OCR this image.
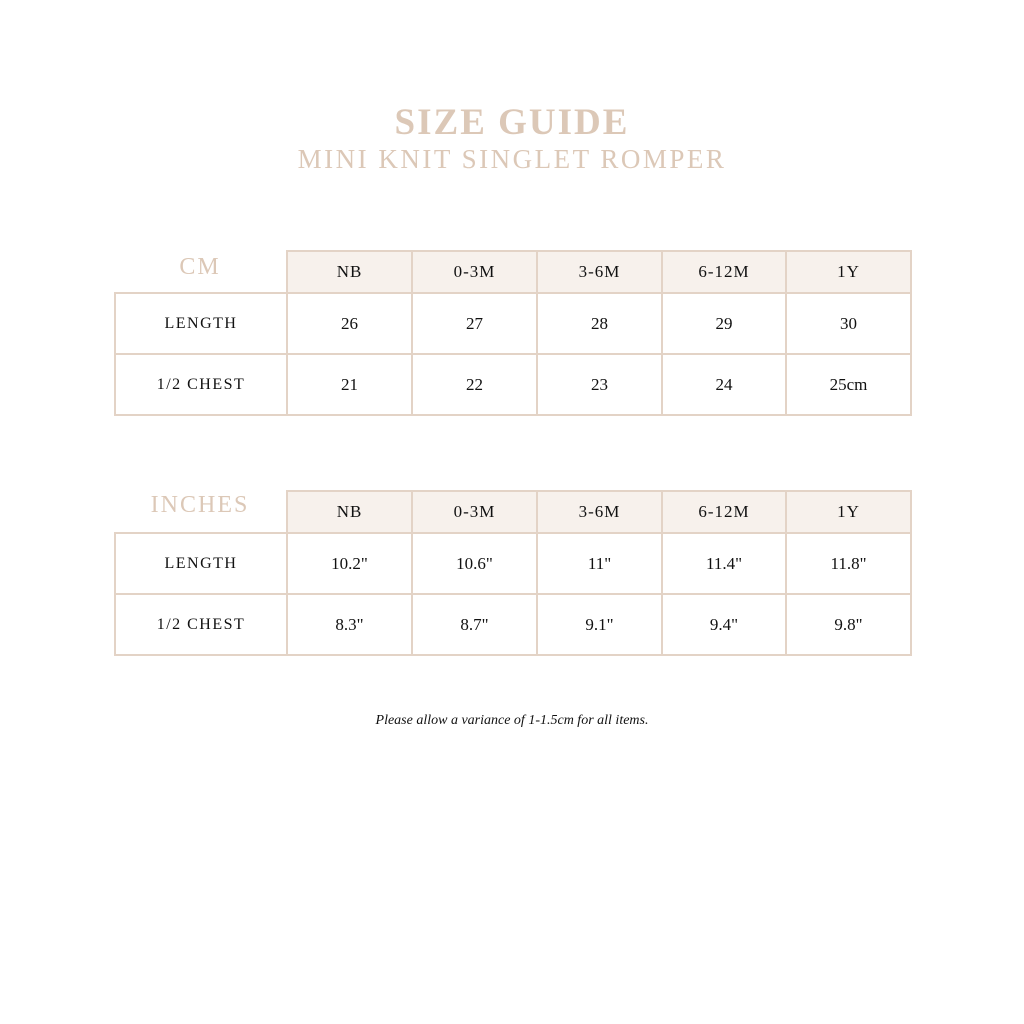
SIZE GUIDE
MINI KNIT SINGLET ROMPER
CM
		NB	0-3M	3-6M	6-12M	1Y
LENGTH	26	27	28	29	30
1/2 CHEST	21	22	23	24	25cm
INCHES
		NB	0-3M	3-6M	6-12M	1Y
LENGTH	10.2"	10.6"	11"	11.4"	11.8"
1/2 CHEST	8.3"	8.7"	9.1"	9.4"	9.8"
Please allow a variance of 1-1.5cm for all items.
